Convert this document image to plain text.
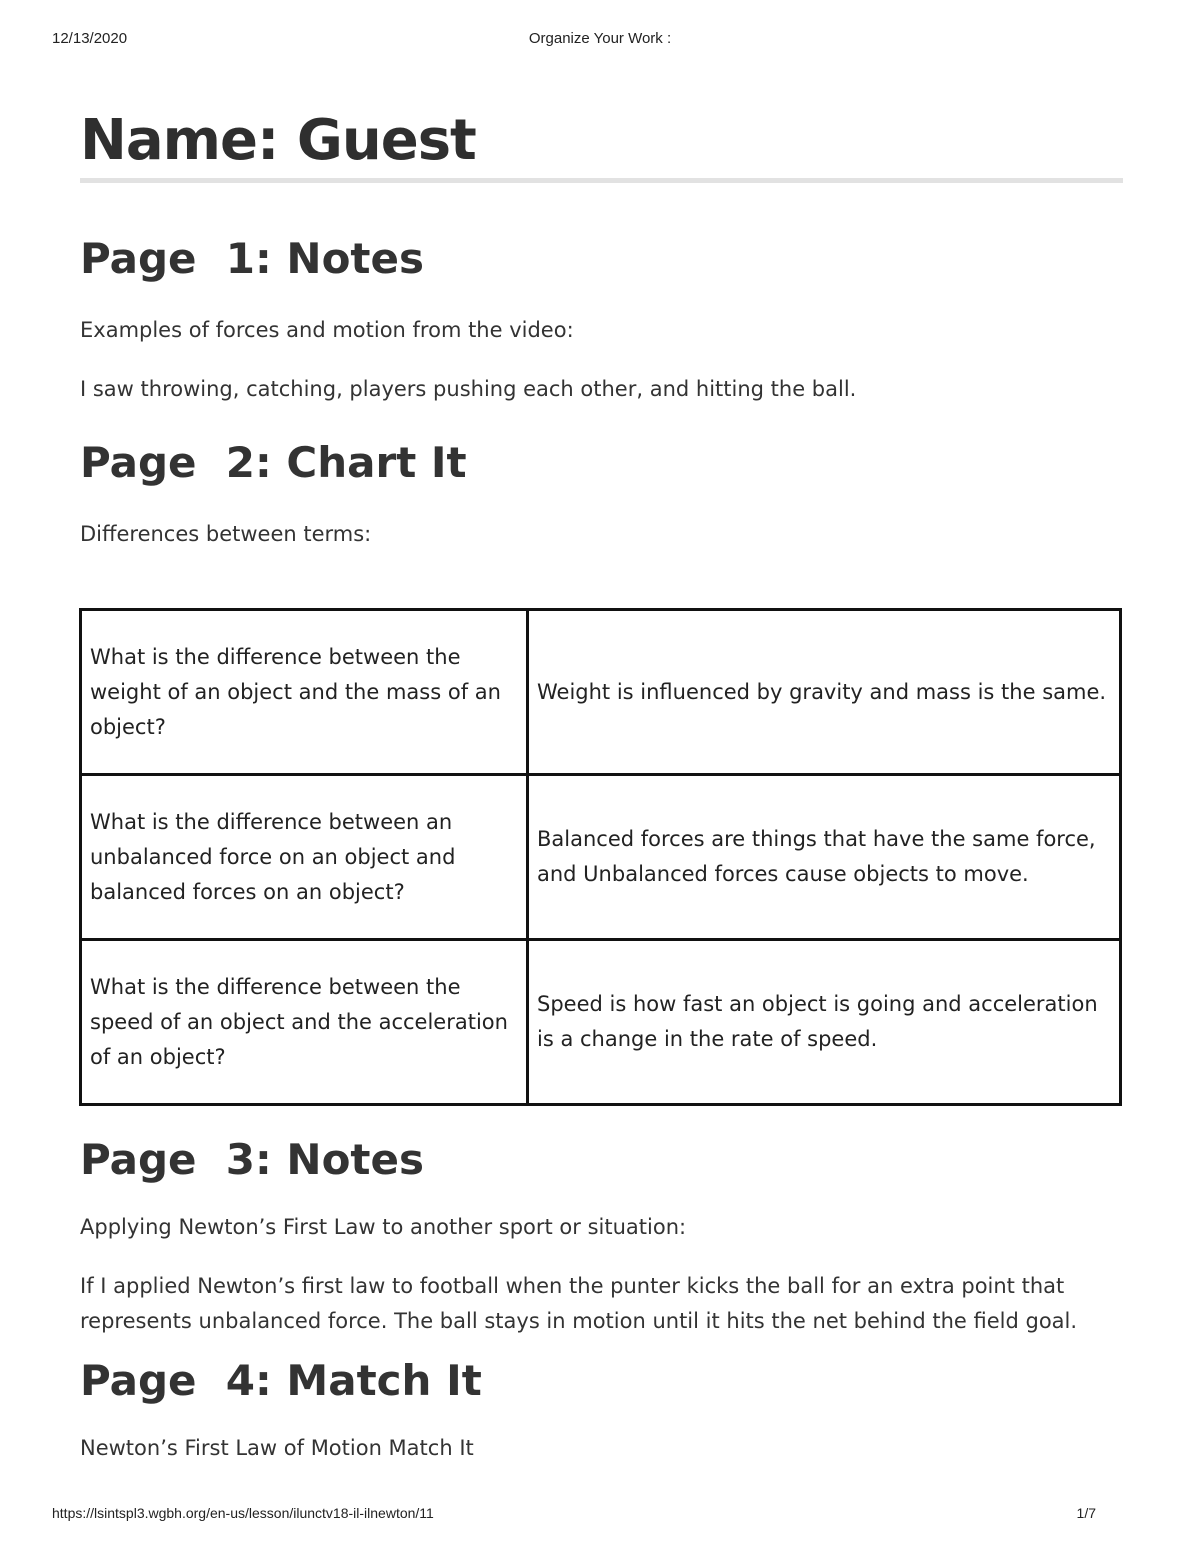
12/13/2020	Organize Your Work :
Name: Guest
Page  1: Notes

Examples of forces and motion from the video:

I saw throwing, catching, players pushing each other, and hitting the ball.

Page  2: Chart It

Differences between terms:

What is the difference between the weight of an object and the mass of an object?	Weight is influenced by gravity and mass is the same.
What is the difference between an unbalanced force on an object and balanced forces on an object?	Balanced forces are things that have the same force, and Unbalanced forces cause objects to move.
What is the difference between the speed of an object and the acceleration of an object?	Speed is how fast an object is going and acceleration is a change in the rate of speed.
Page  3: Notes

Applying Newton’s First Law to another sport or situation:

If I applied Newton’s first law to football when the punter kicks the ball for an extra point that represents unbalanced force. The ball stays in motion until it hits the net behind the field goal.

Page  4: Match It

Newton’s First Law of Motion Match It

https://lsintspl3.wgbh.org/en-us/lesson/ilunctv18-il-ilnewton/11	1/7
